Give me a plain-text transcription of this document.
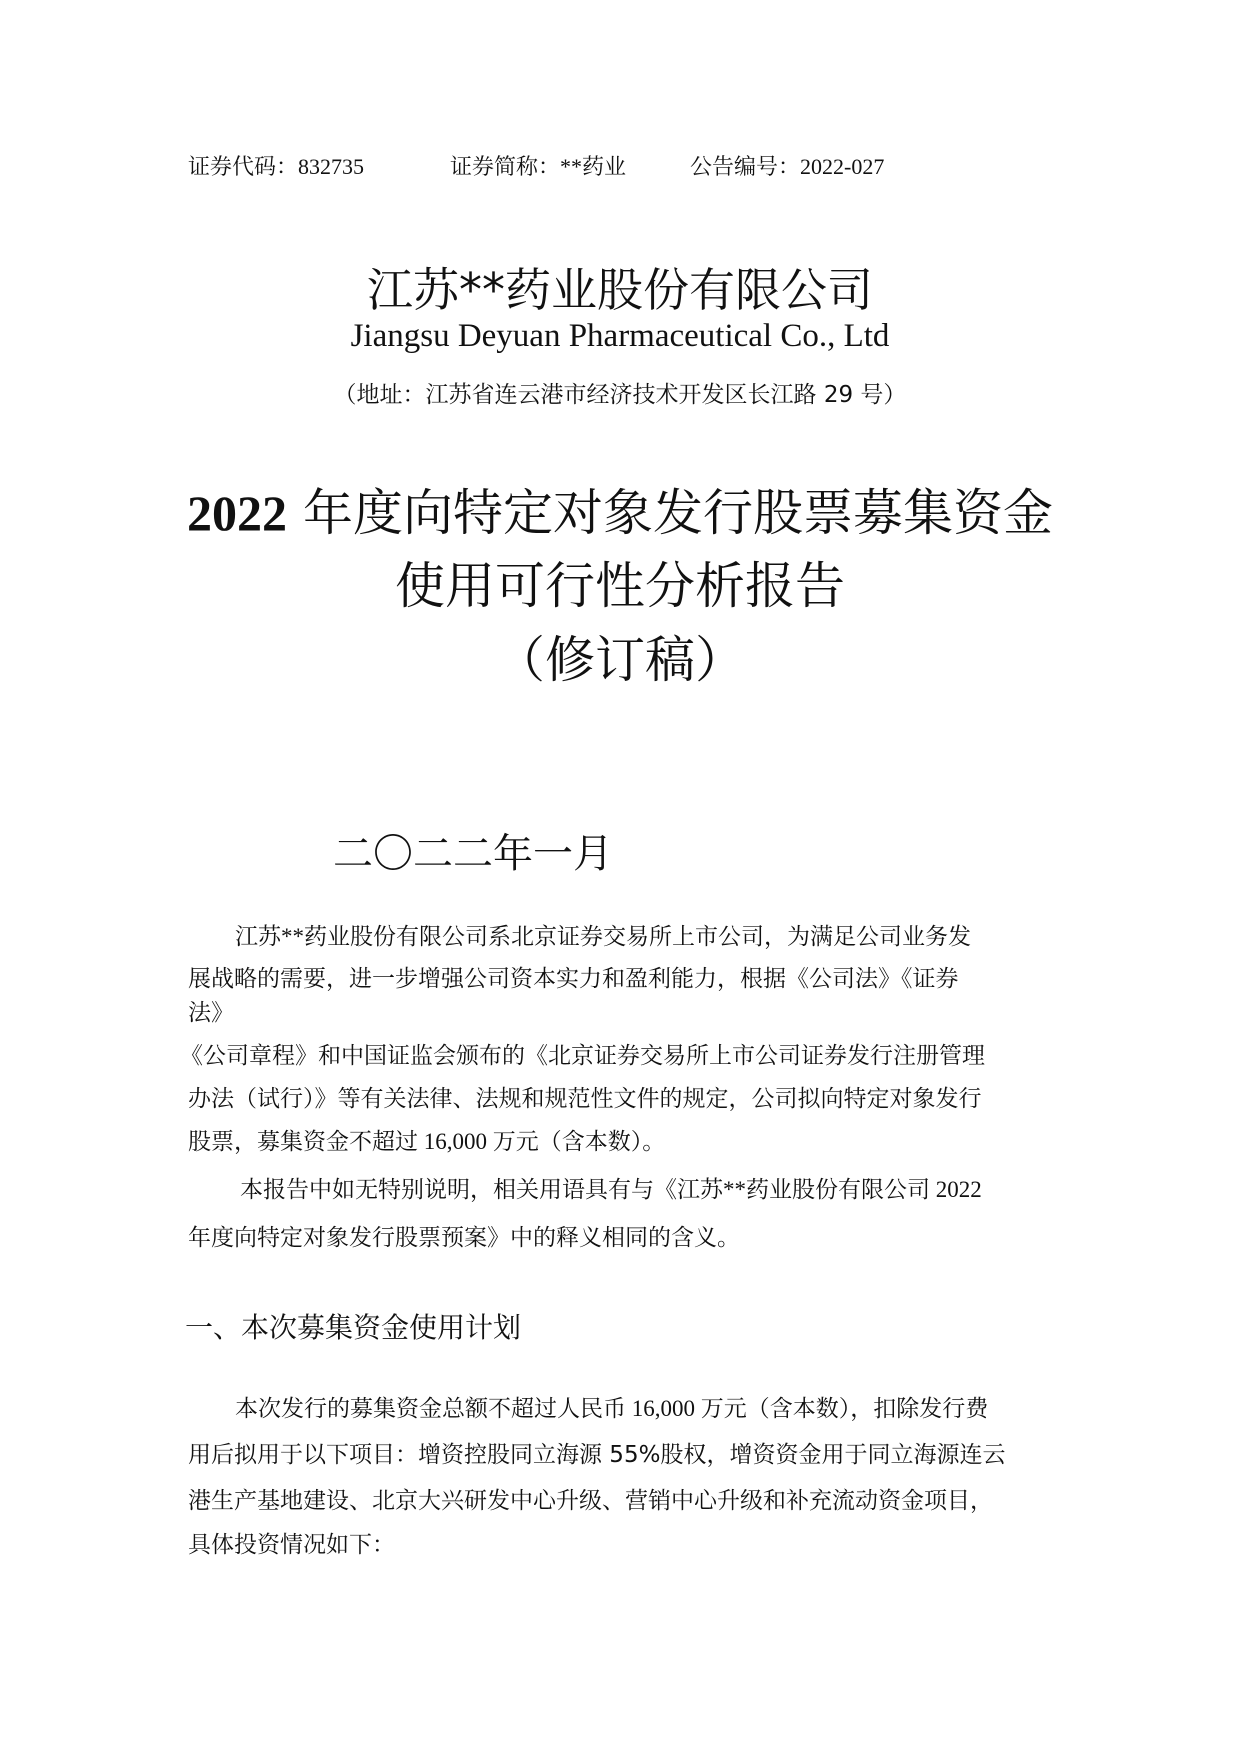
证券代码：832735	证券简称：**药业	公告编号：2022-027
江苏**药业股份有限公司
Jiangsu Deyuan Pharmaceutical Co., Ltd
（地址：江苏省连云港市经济技术开发区长江路 29 号）
2022 年度向特定对象发行股票募集资金
使用可行性分析报告
（修订稿）
二〇二二年一月
江苏**药业股份有限公司系北京证券交易所上市公司，为满足公司业务发
展战略的需要，进一步增强公司资本实力和盈利能力，根据《公司法》《证券
法》
《公司章程》和中国证监会颁布的《北京证券交易所上市公司证券发行注册管理
办法（试行）》等有关法律、法规和规范性文件的规定，公司拟向特定对象发行
股票，募集资金不超过 16,000 万元（含本数）。
本报告中如无特别说明，相关用语具有与《江苏**药业股份有限公司 2022
年度向特定对象发行股票预案》中的释义相同的含义。
一、本次募集资金使用计划
本次发行的募集资金总额不超过人民币 16,000 万元（含本数），扣除发行费
用后拟用于以下项目：增资控股同立海源 55%股权，增资资金用于同立海源连云
港生产基地建设、北京大兴研发中心升级、营销中心升级和补充流动资金项目，
具体投资情况如下：
